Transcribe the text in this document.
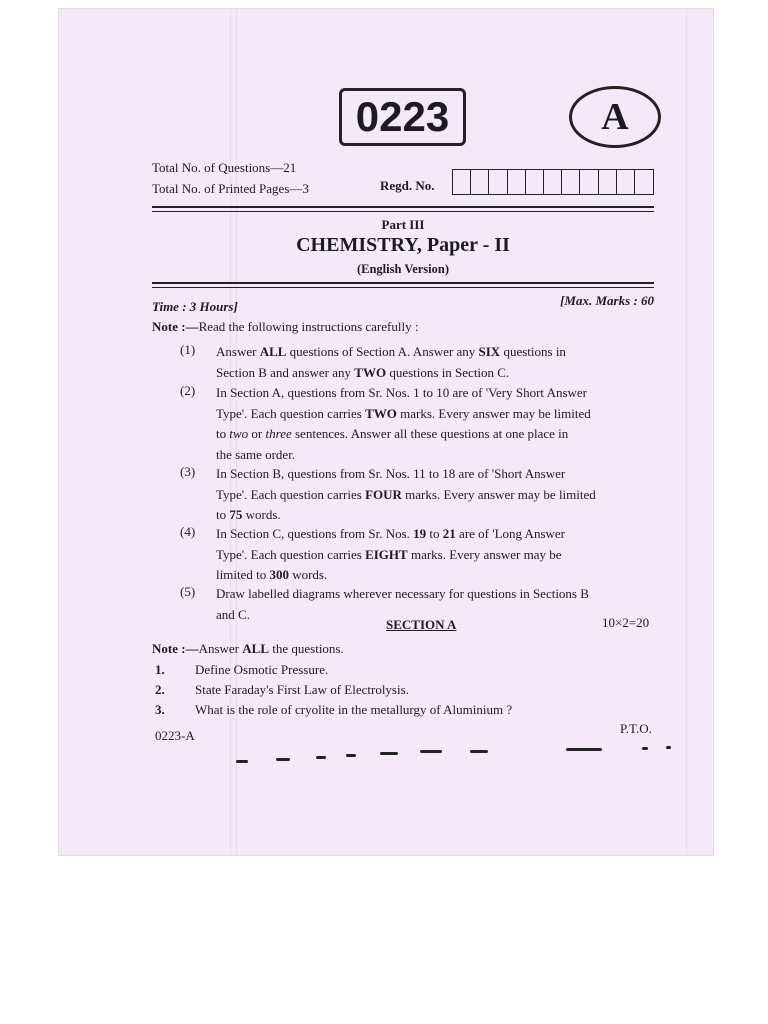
0223	A
Total No. of Questions—21
Total No. of Printed Pages—3	Regd. No.
Part III
CHEMISTRY, Paper - II
(English Version)
Time : 3 Hours]	[Max. Marks : 60
Note :—Read the following instructions carefully :
(1) Answer ALL questions of Section A. Answer any SIX questions in
Section B and answer any TWO questions in Section C.
(2) In Section A, questions from Sr. Nos. 1 to 10 are of 'Very Short Answer
Type'. Each question carries TWO marks. Every answer may be limited
to two or three sentences. Answer all these questions at one place in
the same order.
(3) In Section B, questions from Sr. Nos. 11 to 18 are of 'Short Answer
Type'. Each question carries FOUR marks. Every answer may be limited
to 75 words.
(4) In Section C, questions from Sr. Nos. 19 to 21 are of 'Long Answer
Type'. Each question carries EIGHT marks. Every answer may be
limited to 300 words.
(5) Draw labelled diagrams wherever necessary for questions in Sections B
and C.
SECTION A	10×2=20
Note :—Answer ALL the questions.
1. Define Osmotic Pressure.
2. State Faraday's First Law of Electrolysis.
3. What is the role of cryolite in the metallurgy of Aluminium ?
0223-A	P.T.O.
